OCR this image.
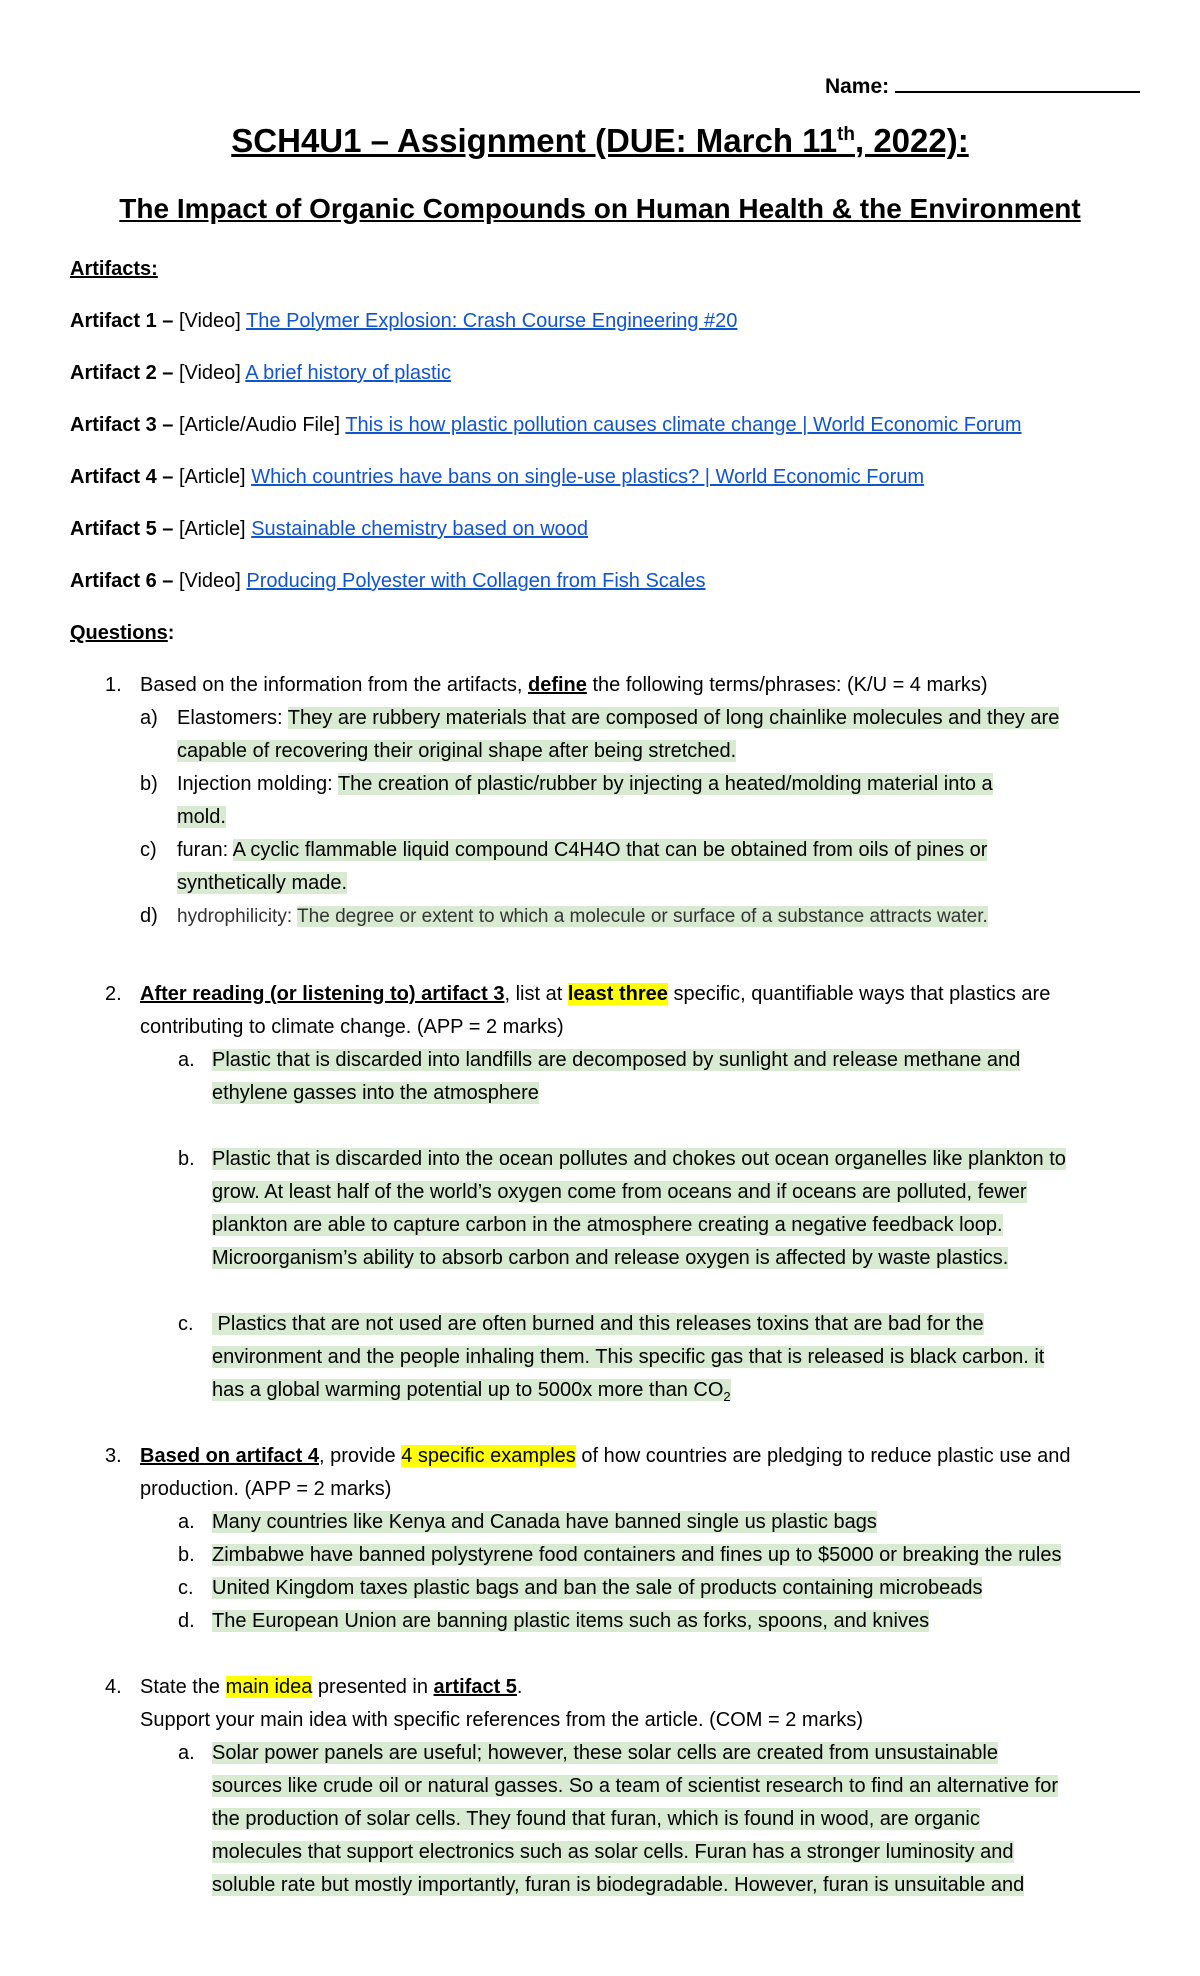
Name:
SCH4U1 – Assignment (DUE: March 11th, 2022):
The Impact of Organic Compounds on Human Health & the Environment
Artifacts:
Artifact 1 – [Video] The Polymer Explosion: Crash Course Engineering #20
Artifact 2 – [Video] A brief history of plastic
Artifact 3 – [Article/Audio File] This is how plastic pollution causes climate change | World Economic Forum
Artifact 4 – [Article] Which countries have bans on single-use plastics? | World Economic Forum
Artifact 5 – [Article] Sustainable chemistry based on wood
Artifact 6 – [Video] Producing Polyester with Collagen from Fish Scales
Questions:
1. Based on the information from the artifacts, define the following terms/phrases: (K/U = 4 marks)
a) Elastomers: They are rubbery materials that are composed of long chainlike molecules and they are
capable of recovering their original shape after being stretched.
b) Injection molding: The creation of plastic/rubber by injecting a heated/molding material into a
mold.
c) furan: A cyclic flammable liquid compound C4H4O that can be obtained from oils of pines or
synthetically made.
d) hydrophilicity: The degree or extent to which a molecule or surface of a substance attracts water.
2. After reading (or listening to) artifact 3, list at least three specific, quantifiable ways that plastics are
contributing to climate change. (APP = 2 marks)
a. Plastic that is discarded into landfills are decomposed by sunlight and release methane and
ethylene gasses into the atmosphere
b. Plastic that is discarded into the ocean pollutes and chokes out ocean organelles like plankton to
grow. At least half of the world’s oxygen come from oceans and if oceans are polluted, fewer
plankton are able to capture carbon in the atmosphere creating a negative feedback loop.
Microorganism’s ability to absorb carbon and release oxygen is affected by waste plastics.
c. Plastics that are not used are often burned and this releases toxins that are bad for the
environment and the people inhaling them. This specific gas that is released is black carbon. it
has a global warming potential up to 5000x more than $CO_2$
3. Based on artifact 4, provide 4 specific examples of how countries are pledging to reduce plastic use and
production. (APP = 2 marks)
a. Many countries like Kenya and Canada have banned single us plastic bags
b. Zimbabwe have banned polystyrene food containers and fines up to $5000 or breaking the rules
c. United Kingdom taxes plastic bags and ban the sale of products containing microbeads
d. The European Union are banning plastic items such as forks, spoons, and knives
4. State the main idea presented in artifact 5.
Support your main idea with specific references from the article. (COM = 2 marks)
a. Solar power panels are useful; however, these solar cells are created from unsustainable
sources like crude oil or natural gasses. So a team of scientist research to find an alternative for
the production of solar cells. They found that furan, which is found in wood, are organic
molecules that support electronics such as solar cells. Furan has a stronger luminosity and
soluble rate but mostly importantly, furan is biodegradable. However, furan is unsuitable and
